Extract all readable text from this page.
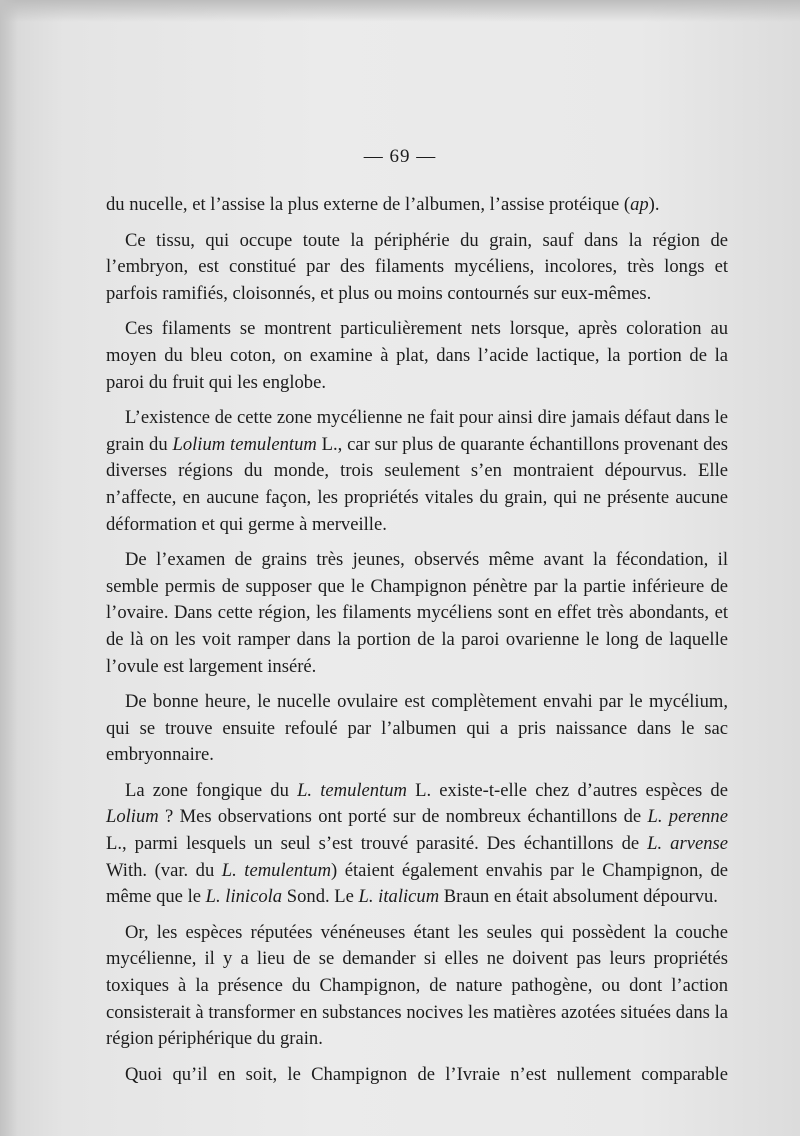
— 69 —

du nucelle, et l’assise la plus externe de l’albumen, l’assise protéique (ap).

Ce tissu, qui occupe toute la périphérie du grain, sauf dans la région de l’embryon, est constitué par des filaments mycéliens, incolores, très longs et parfois ramifiés, cloisonnés, et plus ou moins contournés sur eux-mêmes.

Ces filaments se montrent particulièrement nets lorsque, après coloration au moyen du bleu coton, on examine à plat, dans l’acide lactique, la portion de la paroi du fruit qui les englobe.

L’existence de cette zone mycélienne ne fait pour ainsi dire jamais défaut dans le grain du Lolium temulentum L., car sur plus de quarante échantillons provenant des diverses régions du monde, trois seulement s’en montraient dépourvus. Elle n’affecte, en aucune façon, les propriétés vitales du grain, qui ne présente aucune déformation et qui germe à merveille.

De l’examen de grains très jeunes, observés même avant la fécondation, il semble permis de supposer que le Champignon pénètre par la partie inférieure de l’ovaire. Dans cette région, les filaments mycéliens sont en effet très abondants, et de là on les voit ramper dans la portion de la paroi ovarienne le long de laquelle l’ovule est largement inséré.

De bonne heure, le nucelle ovulaire est complètement envahi par le mycélium, qui se trouve ensuite refoulé par l’albumen qui a pris naissance dans le sac embryonnaire.

La zone fongique du L. temulentum L. existe-t-elle chez d’autres espèces de Lolium ? Mes observations ont porté sur de nombreux échantillons de L. perenne L., parmi lesquels un seul s’est trouvé parasité. Des échantillons de L. arvense With. (var. du L. temulentum) étaient également envahis par le Champignon, de même que le L. linicola Sond. Le L. italicum Braun en était absolument dépourvu.

Or, les espèces réputées vénéneuses étant les seules qui possèdent la couche mycélienne, il y a lieu de se demander si elles ne doivent pas leurs propriétés toxiques à la présence du Champignon, de nature pathogène, ou dont l’action consisterait à transformer en substances nocives les matières azotées situées dans la région périphérique du grain.

Quoi qu’il en soit, le Champignon de l’Ivraie n’est nullement comparable
